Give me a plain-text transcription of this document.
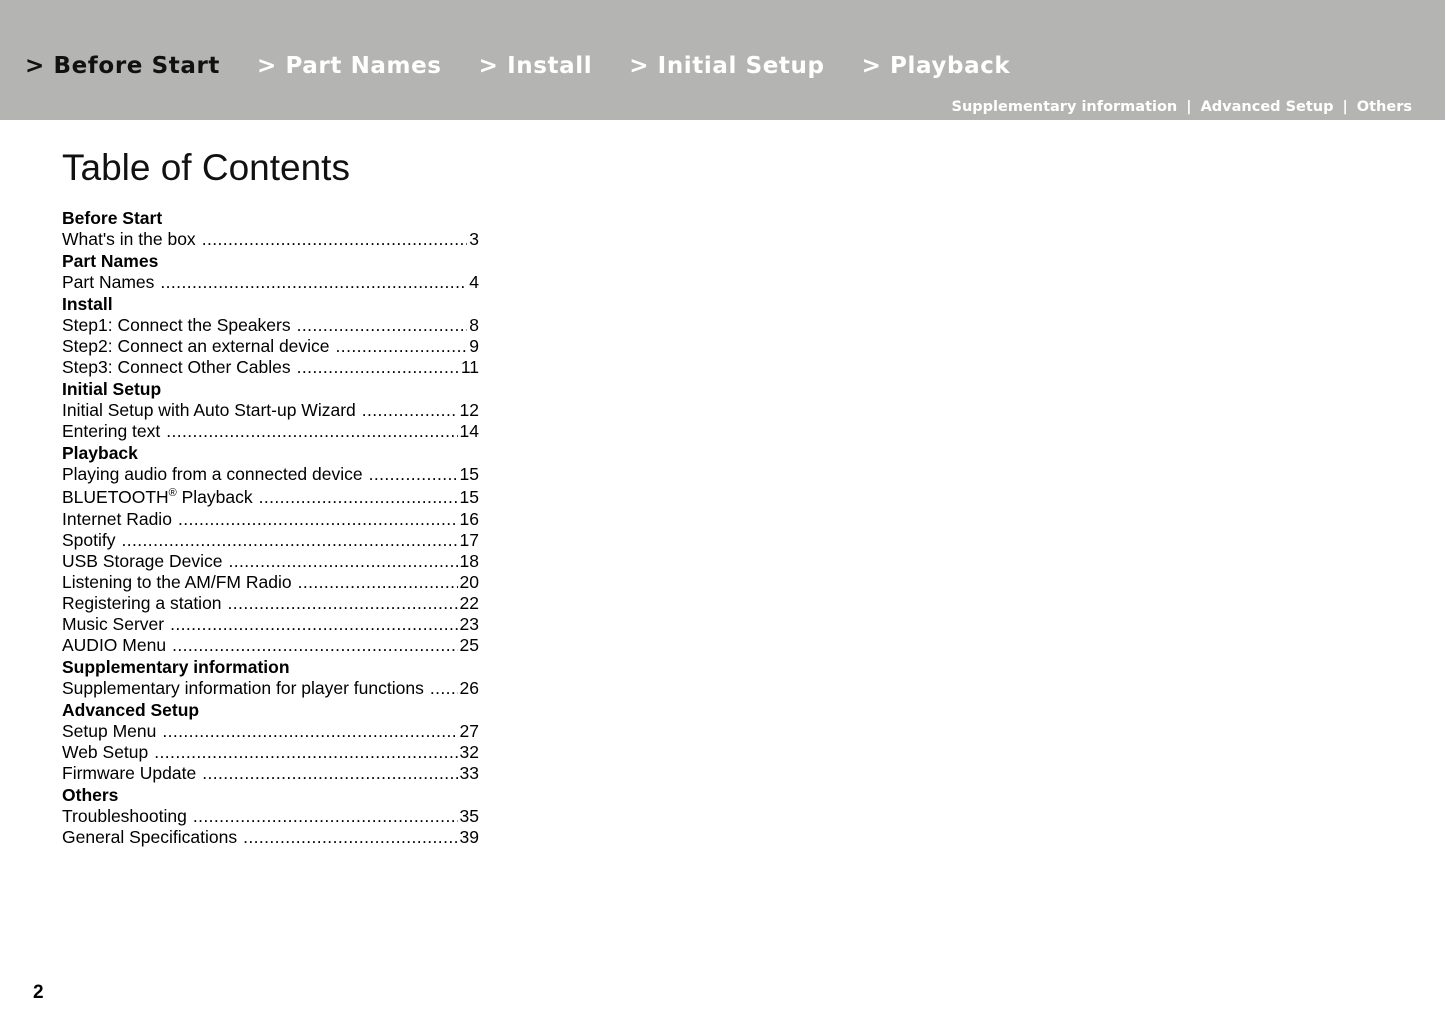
> Before Start > Part Names > Install > Initial Setup > Playback
Supplementary information | Advanced Setup | Others
Table of Contents
Before Start
What's in the box .....	3
Part Names
Part Names .....	4
Install
Step1: Connect the Speakers .....	8
Step2: Connect an external device .....	9
Step3: Connect Other Cables .....	11
Initial Setup
Initial Setup with Auto Start-up Wizard .....	12
Entering text .....	14
Playback
Playing audio from a connected device .....	15
BLUETOOTH® Playback .....	15
Internet Radio .....	16
Spotify .....	17
USB Storage Device .....	18
Listening to the AM/FM Radio .....	20
Registering a station .....	22
Music Server .....	23
AUDIO Menu .....	25
Supplementary information
Supplementary information for player functions .....	26
Advanced Setup
Setup Menu .....	27
Web Setup .....	32
Firmware Update .....	33
Others
Troubleshooting .....	35
General Specifications .....	39
2
